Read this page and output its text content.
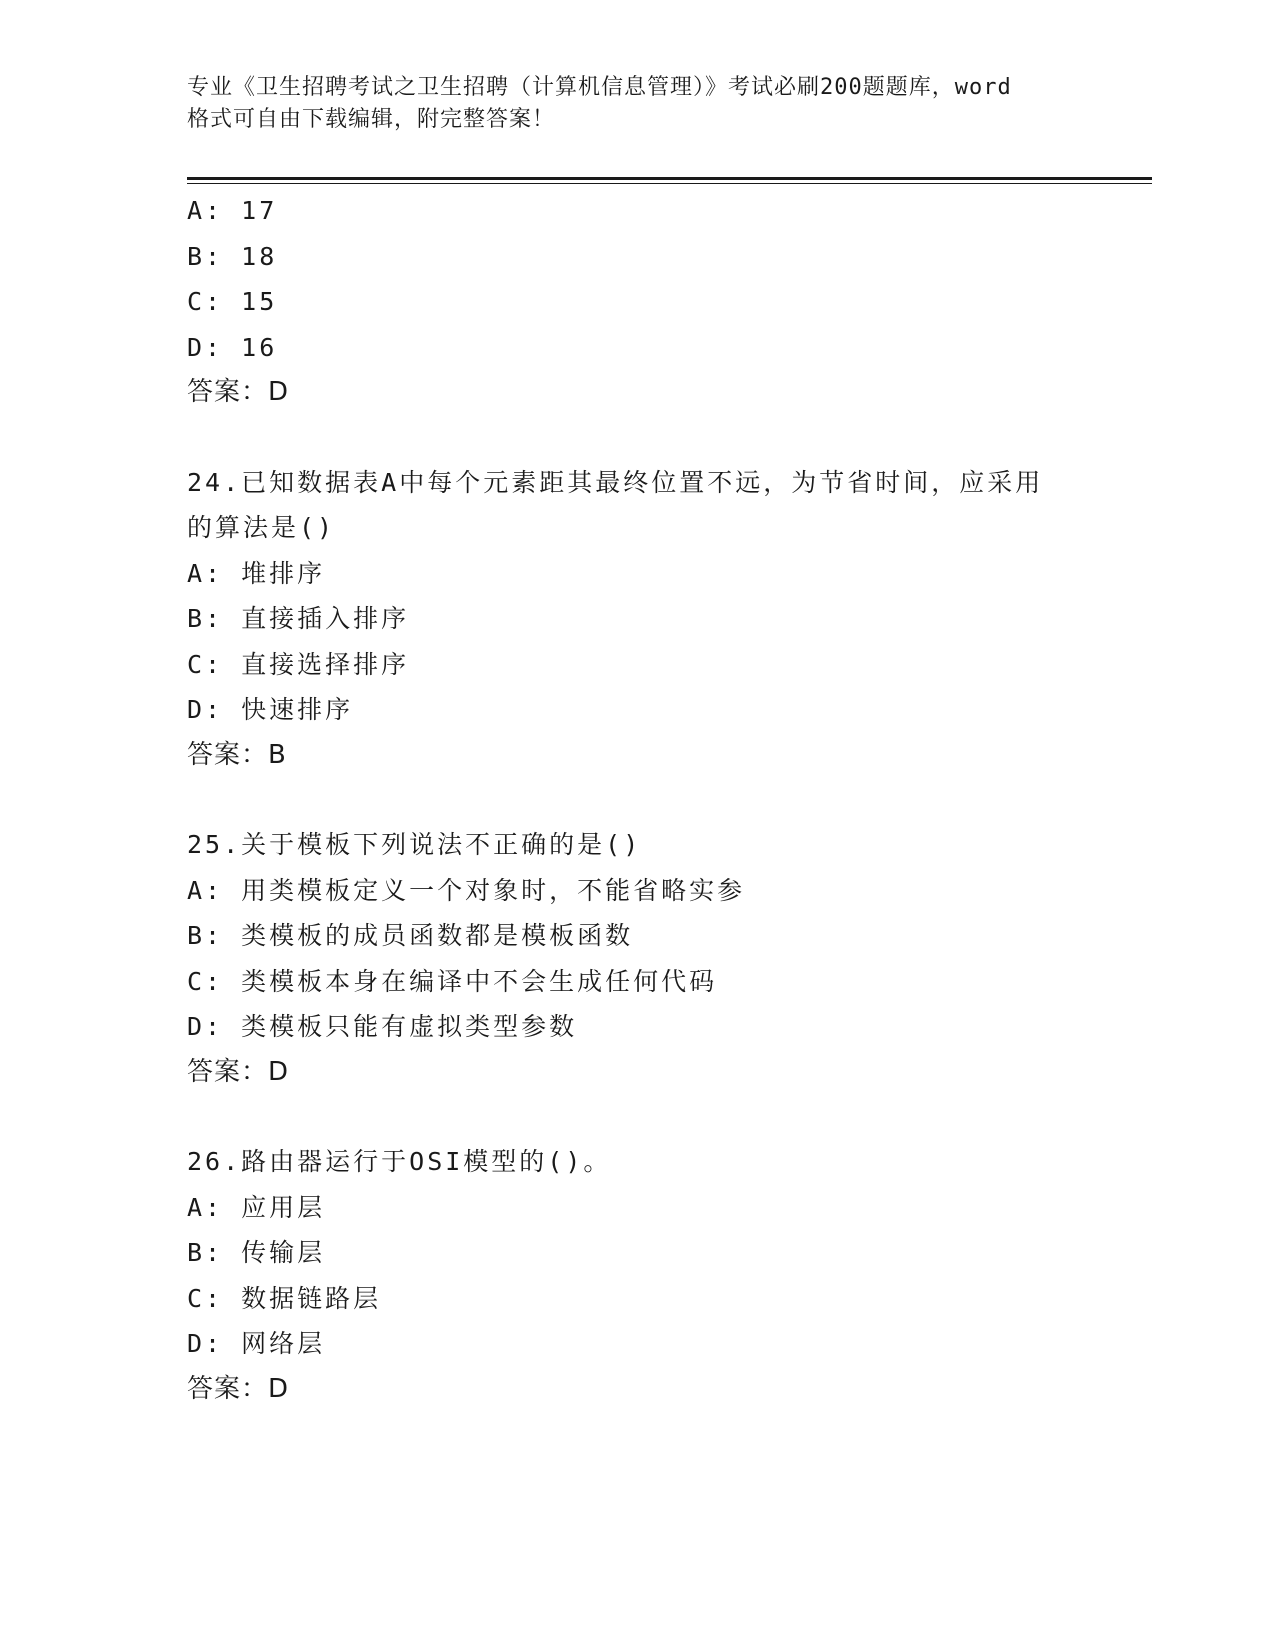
专业《卫生招聘考试之卫生招聘（计算机信息管理）》考试必刷200题题库，word
格式可自由下载编辑，附完整答案！
A: 17
B: 18
C: 15
D: 16
答案：D
24.已知数据表A中每个元素距其最终位置不远，为节省时间，应采用
的算法是()
A: 堆排序
B: 直接插入排序
C: 直接选择排序
D: 快速排序
答案：B
25.关于模板下列说法不正确的是()
A: 用类模板定义一个对象时，不能省略实参
B: 类模板的成员函数都是模板函数
C: 类模板本身在编译中不会生成任何代码
D: 类模板只能有虚拟类型参数
答案：D
26.路由器运行于OSI模型的()。
A: 应用层
B: 传输层
C: 数据链路层
D: 网络层
答案：D
